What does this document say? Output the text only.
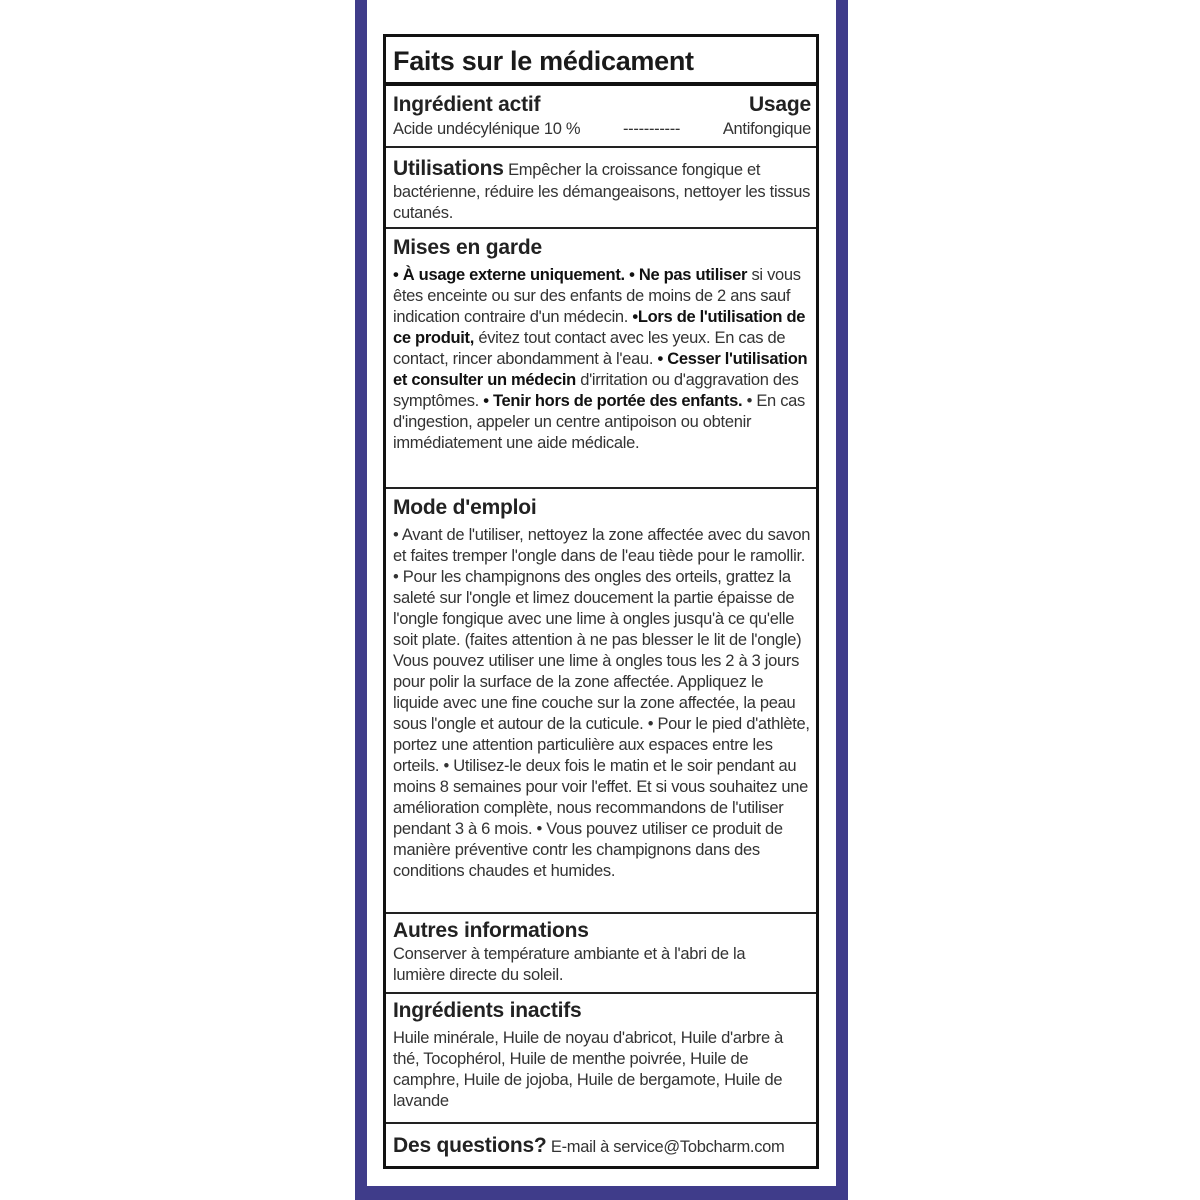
Faits sur le médicament
Ingrédient actif	Usage
Acide undécylénique 10 %	-----------	Antifongique
Utilisations Empêcher la croissance fongique et bactérienne, réduire les démangeaisons, nettoyer les tissus cutanés.
Mises en garde
• À usage externe uniquement. • Ne pas utiliser si vous êtes enceinte ou sur des enfants de moins de 2 ans sauf indication contraire d'un médecin. •Lors de l'utilisation de ce produit, évitez tout contact avec les yeux. En cas de contact, rincer abondamment à l'eau. • Cesser l'utilisation et consulter un médecin d'irritation ou d'aggravation des symptômes. • Tenir hors de portée des enfants. • En cas d'ingestion, appeler un centre antipoison ou obtenir immédiatement une aide médicale.
Mode d'emploi
• Avant de l'utiliser, nettoyez la zone affectée avec du savon et faites tremper l'ongle dans de l'eau tiède pour le ramollir. • Pour les champignons des ongles des orteils, grattez la saleté sur l'ongle et limez doucement la partie épaisse de l'ongle fongique avec une lime à ongles jusqu'à ce qu'elle soit plate. (faites attention à ne pas blesser le lit de l'ongle) Vous pouvez utiliser une lime à ongles tous les 2 à 3 jours pour polir la surface de la zone affectée. Appliquez le liquide avec une fine couche sur la zone affectée, la peau sous l'ongle et autour de la cuticule. • Pour le pied d'athlète, portez une attention particulière aux espaces entre les orteils. • Utilisez-le deux fois le matin et le soir pendant au moins 8 semaines pour voir l'effet. Et si vous souhaitez une amélioration complète, nous recommandons de l'utiliser pendant 3 à 6 mois. • Vous pouvez utiliser ce produit de manière préventive contr les champignons dans des conditions chaudes et humides.
Autres informations
Conserver à température ambiante et à l'abri de la lumière directe du soleil.
Ingrédients inactifs
Huile minérale, Huile de noyau d'abricot, Huile d'arbre à thé, Tocophérol, Huile de menthe poivrée, Huile de camphre, Huile de jojoba, Huile de bergamote, Huile de lavande
Des questions? E-mail à service@Tobcharm.com
